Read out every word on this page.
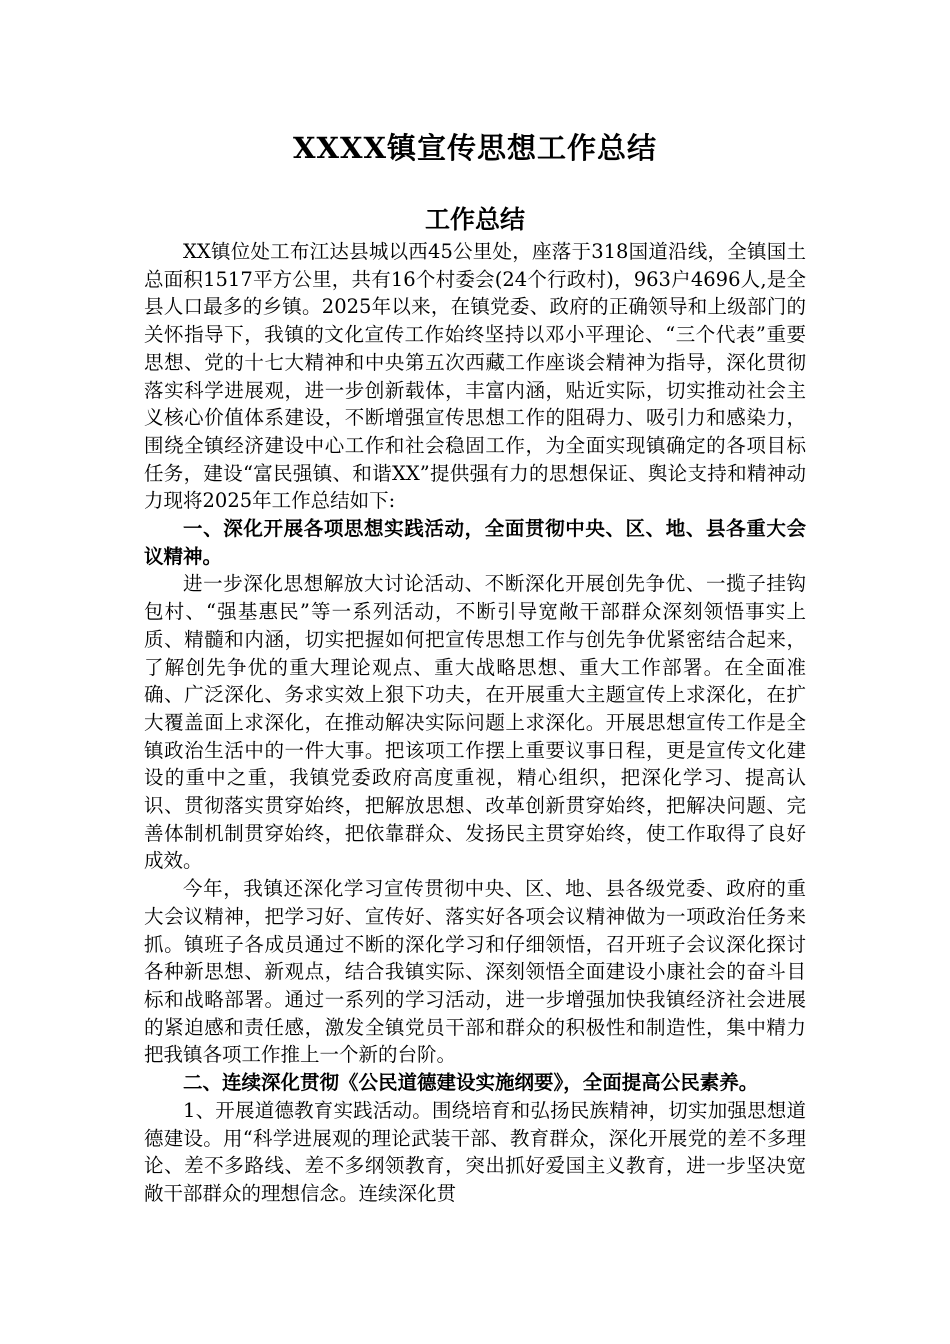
XXXX镇宣传思想工作总结
工作总结

XX镇位处工布江达县城以西45公里处，座落于318国道沿线，全镇国土总面积1517平方公里，共有16个村委会(24个行政村)，963户4696人,是全县人口最多的乡镇。2025年以来，在镇党委、政府的正确领导和上级部门的关怀指导下，我镇的文化宣传工作始终坚持以邓小平理论、“三个代表”重要思想、党的十七大精神和中央第五次西藏工作座谈会精神为指导，深化贯彻落实科学进展观，进一步创新载体，丰富内涵，贴近实际，切实推动社会主义核心价值体系建设，不断增强宣传思想工作的阻碍力、吸引力和感染力，围绕全镇经济建设中心工作和社会稳固工作，为全面实现镇确定的各项目标任务，建设“富民强镇、和谐XX”提供强有力的思想保证、舆论支持和精神动力现将2025年工作总结如下:

一、深化开展各项思想实践活动，全面贯彻中央、区、地、县各重大会议精神。

进一步深化思想解放大讨论活动、不断深化开展创先争优、一揽子挂钩包村、“强基惠民”等一系列活动，不断引导宽敞干部群众深刻领悟事实上质、精髓和内涵，切实把握如何把宣传思想工作与创先争优紧密结合起来，了解创先争优的重大理论观点、重大战略思想、重大工作部署。在全面准确、广泛深化、务求实效上狠下功夫，在开展重大主题宣传上求深化，在扩大覆盖面上求深化，在推动解决实际问题上求深化。开展思想宣传工作是全镇政治生活中的一件大事。把该项工作摆上重要议事日程，更是宣传文化建设的重中之重，我镇党委政府高度重视，精心组织，把深化学习、提高认识、贯彻落实贯穿始终，把解放思想、改革创新贯穿始终，把解决问题、完善体制机制贯穿始终，把依靠群众、发扬民主贯穿始终，使工作取得了良好成效。

今年，我镇还深化学习宣传贯彻中央、区、地、县各级党委、政府的重大会议精神，把学习好、宣传好、落实好各项会议精神做为一项政治任务来抓。镇班子各成员通过不断的深化学习和仔细领悟，召开班子会议深化探讨各种新思想、新观点，结合我镇实际、深刻领悟全面建设小康社会的奋斗目标和战略部署。通过一系列的学习活动，进一步增强加快我镇经济社会进展的紧迫感和责任感，激发全镇党员干部和群众的积极性和制造性，集中精力把我镇各项工作推上一个新的台阶。

二、连续深化贯彻《公民道德建设实施纲要》，全面提高公民素养。

1、开展道德教育实践活动。围绕培育和弘扬民族精神，切实加强思想道德建设。用“科学进展观的理论武装干部、教育群众，深化开展党的差不多理论、差不多路线、差不多纲领教育，突出抓好爱国主义教育，进一步坚决宽敞干部群众的理想信念。连续深化贯
